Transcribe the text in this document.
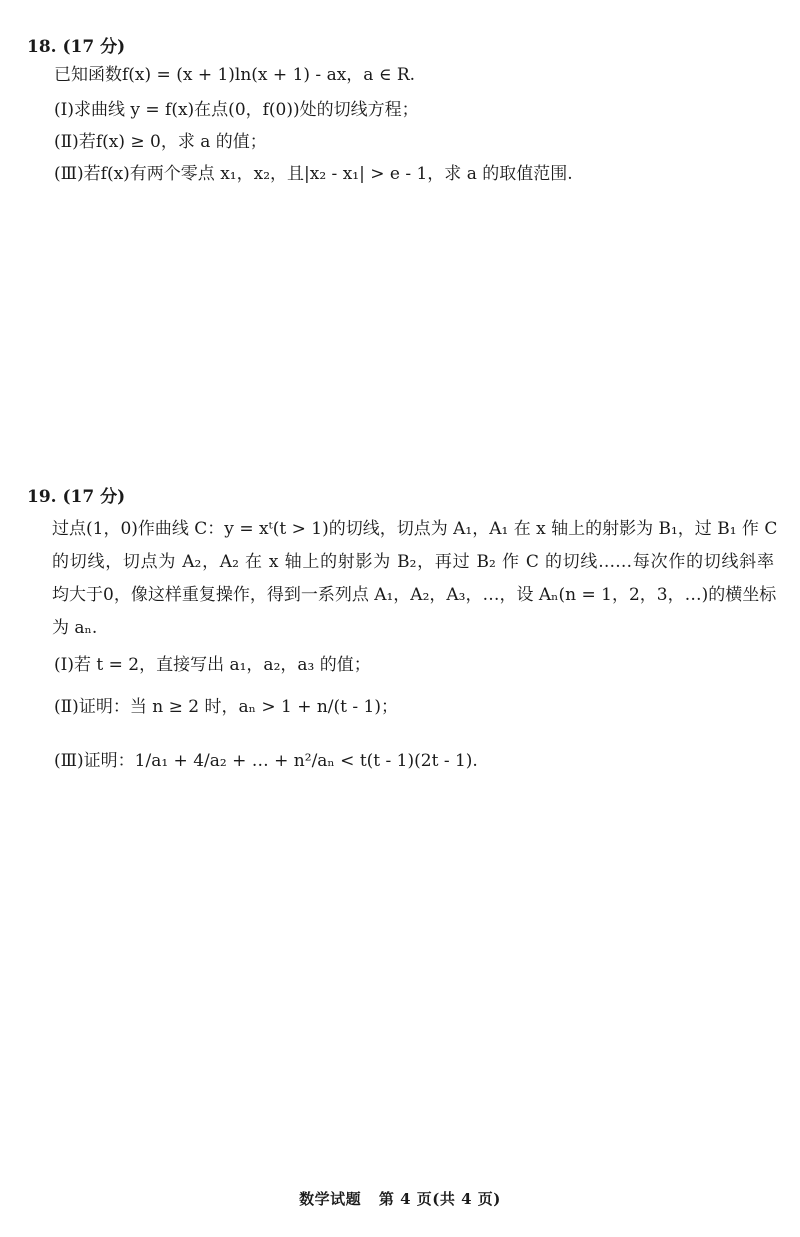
18. (17 分)
已知函数f(x) = (x + 1)ln(x + 1) - ax，a ∈ R.
(Ⅰ)求曲线 y = f(x)在点(0，f(0))处的切线方程；
(Ⅱ)若f(x) ≥ 0，求 a 的值；
(Ⅲ)若f(x)有两个零点 x₁，x₂，且|x₂ - x₁| > e - 1，求 a 的取值范围.
19. (17 分)
过点(1，0)作曲线 C：y = xᵗ(t > 1)的切线，切点为 A₁，A₁ 在 x 轴上的射影为 B₁，过 B₁ 作 C
的切线，切点为 A₂，A₂ 在 x 轴上的射影为 B₂，再过 B₂ 作 C 的切线……每次作的切线斜率
均大于0，像这样重复操作，得到一系列点 A₁，A₂，A₃，…，设 Aₙ(n = 1，2，3，…)的横坐标
为 aₙ.
(Ⅰ)若 t = 2，直接写出 a₁，a₂，a₃ 的值；
(Ⅱ)证明：当 n ≥ 2 时，aₙ > 1 + n/(t - 1)；
(Ⅲ)证明：1/a₁ + 4/a₂ + … + n²/aₙ < t(t - 1)(2t - 1).
数学试题 第 4 页(共 4 页)
